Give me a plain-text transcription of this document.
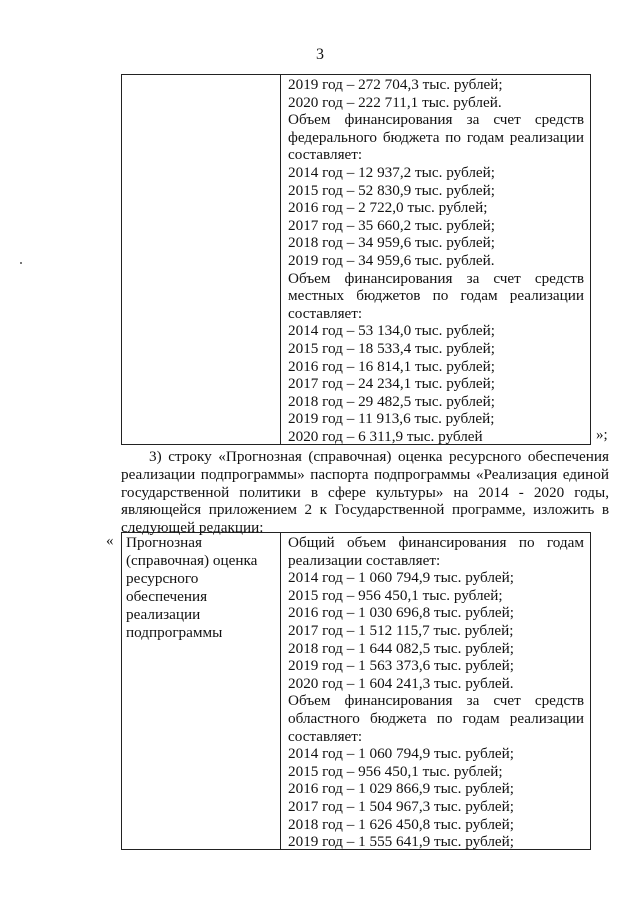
3
2019 год – 272 704,3 тыс. рублей;
2020 год – 222 711,1 тыс. рублей.
Объем финансирования за счет средств
федерального бюджета по годам реализации
составляет:
2014 год – 12 937,2 тыс. рублей;
2015 год – 52 830,9 тыс. рублей;
2016 год – 2 722,0 тыс. рублей;
2017 год – 35 660,2 тыс. рублей;
2018 год – 34 959,6 тыс. рублей;
2019 год – 34 959,6 тыс. рублей.
Объем финансирования за счет средств
местных бюджетов по годам реализации
составляет:
2014 год – 53 134,0 тыс. рублей;
2015 год – 18 533,4 тыс. рублей;
2016 год – 16 814,1 тыс. рублей;
2017 год – 24 234,1 тыс. рублей;
2018 год – 29 482,5 тыс. рублей;
2019 год – 11 913,6 тыс. рублей;
2020 год – 6 311,9 тыс. рублей	»;
3) строку «Прогнозная (справочная) оценка ресурсного обеспечения
реализации подпрограммы» паспорта подпрограммы «Реализация единой
государственной политики в сфере культуры» на 2014 - 2020 годы,
являющейся приложением 2 к Государственной программе, изложить в
следующей редакции:
« Прогнозная
(справочная) оценка
ресурсного
обеспечения
реализации
подпрограммы
Общий объем финансирования по годам
реализации составляет:
2014 год – 1 060 794,9 тыс. рублей;
2015 год – 956 450,1 тыс. рублей;
2016 год – 1 030 696,8 тыс. рублей;
2017 год – 1 512 115,7 тыс. рублей;
2018 год – 1 644 082,5 тыс. рублей;
2019 год – 1 563 373,6 тыс. рублей;
2020 год – 1 604 241,3 тыс. рублей.
Объем финансирования за счет средств
областного бюджета по годам реализации
составляет:
2014 год – 1 060 794,9 тыс. рублей;
2015 год – 956 450,1 тыс. рублей;
2016 год – 1 029 866,9 тыс. рублей;
2017 год – 1 504 967,3 тыс. рублей;
2018 год – 1 626 450,8 тыс. рублей;
2019 год – 1 555 641,9 тыс. рублей;
